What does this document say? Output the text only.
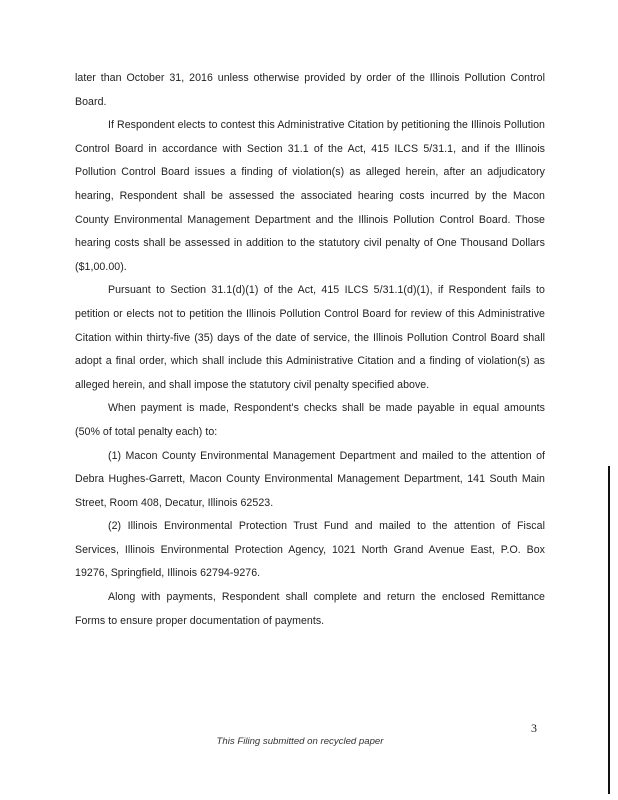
later than October 31, 2016 unless otherwise provided by order of the Illinois Pollution Control Board.

If Respondent elects to contest this Administrative Citation by petitioning the Illinois Pollution Control Board in accordance with Section 31.1 of the Act, 415 ILCS 5/31.1, and if the Illinois Pollution Control Board issues a finding of violation(s) as alleged herein, after an adjudicatory hearing, Respondent shall be assessed the associated hearing costs incurred by the Macon County Environmental Management Department and the Illinois Pollution Control Board. Those hearing costs shall be assessed in addition to the statutory civil penalty of One Thousand Dollars ($1,00.00).

Pursuant to Section 31.1(d)(1) of the Act, 415 ILCS 5/31.1(d)(1), if Respondent fails to petition or elects not to petition the Illinois Pollution Control Board for review of this Administrative Citation within thirty-five (35) days of the date of service, the Illinois Pollution Control Board shall adopt a final order, which shall include this Administrative Citation and a finding of violation(s) as alleged herein, and shall impose the statutory civil penalty specified above.

When payment is made, Respondent's checks shall be made payable in equal amounts (50% of total penalty each) to:

(1) Macon County Environmental Management Department and mailed to the attention of Debra Hughes-Garrett, Macon County Environmental Management Department, 141 South Main Street, Room 408, Decatur, Illinois 62523.

(2) Illinois Environmental Protection Trust Fund and mailed to the attention of Fiscal Services, Illinois Environmental Protection Agency, 1021 North Grand Avenue East, P.O. Box 19276, Springfield, Illinois 62794-9276.

Along with payments, Respondent shall complete and return the enclosed Remittance Forms to ensure proper documentation of payments.

3
This Filing submitted on recycled paper
